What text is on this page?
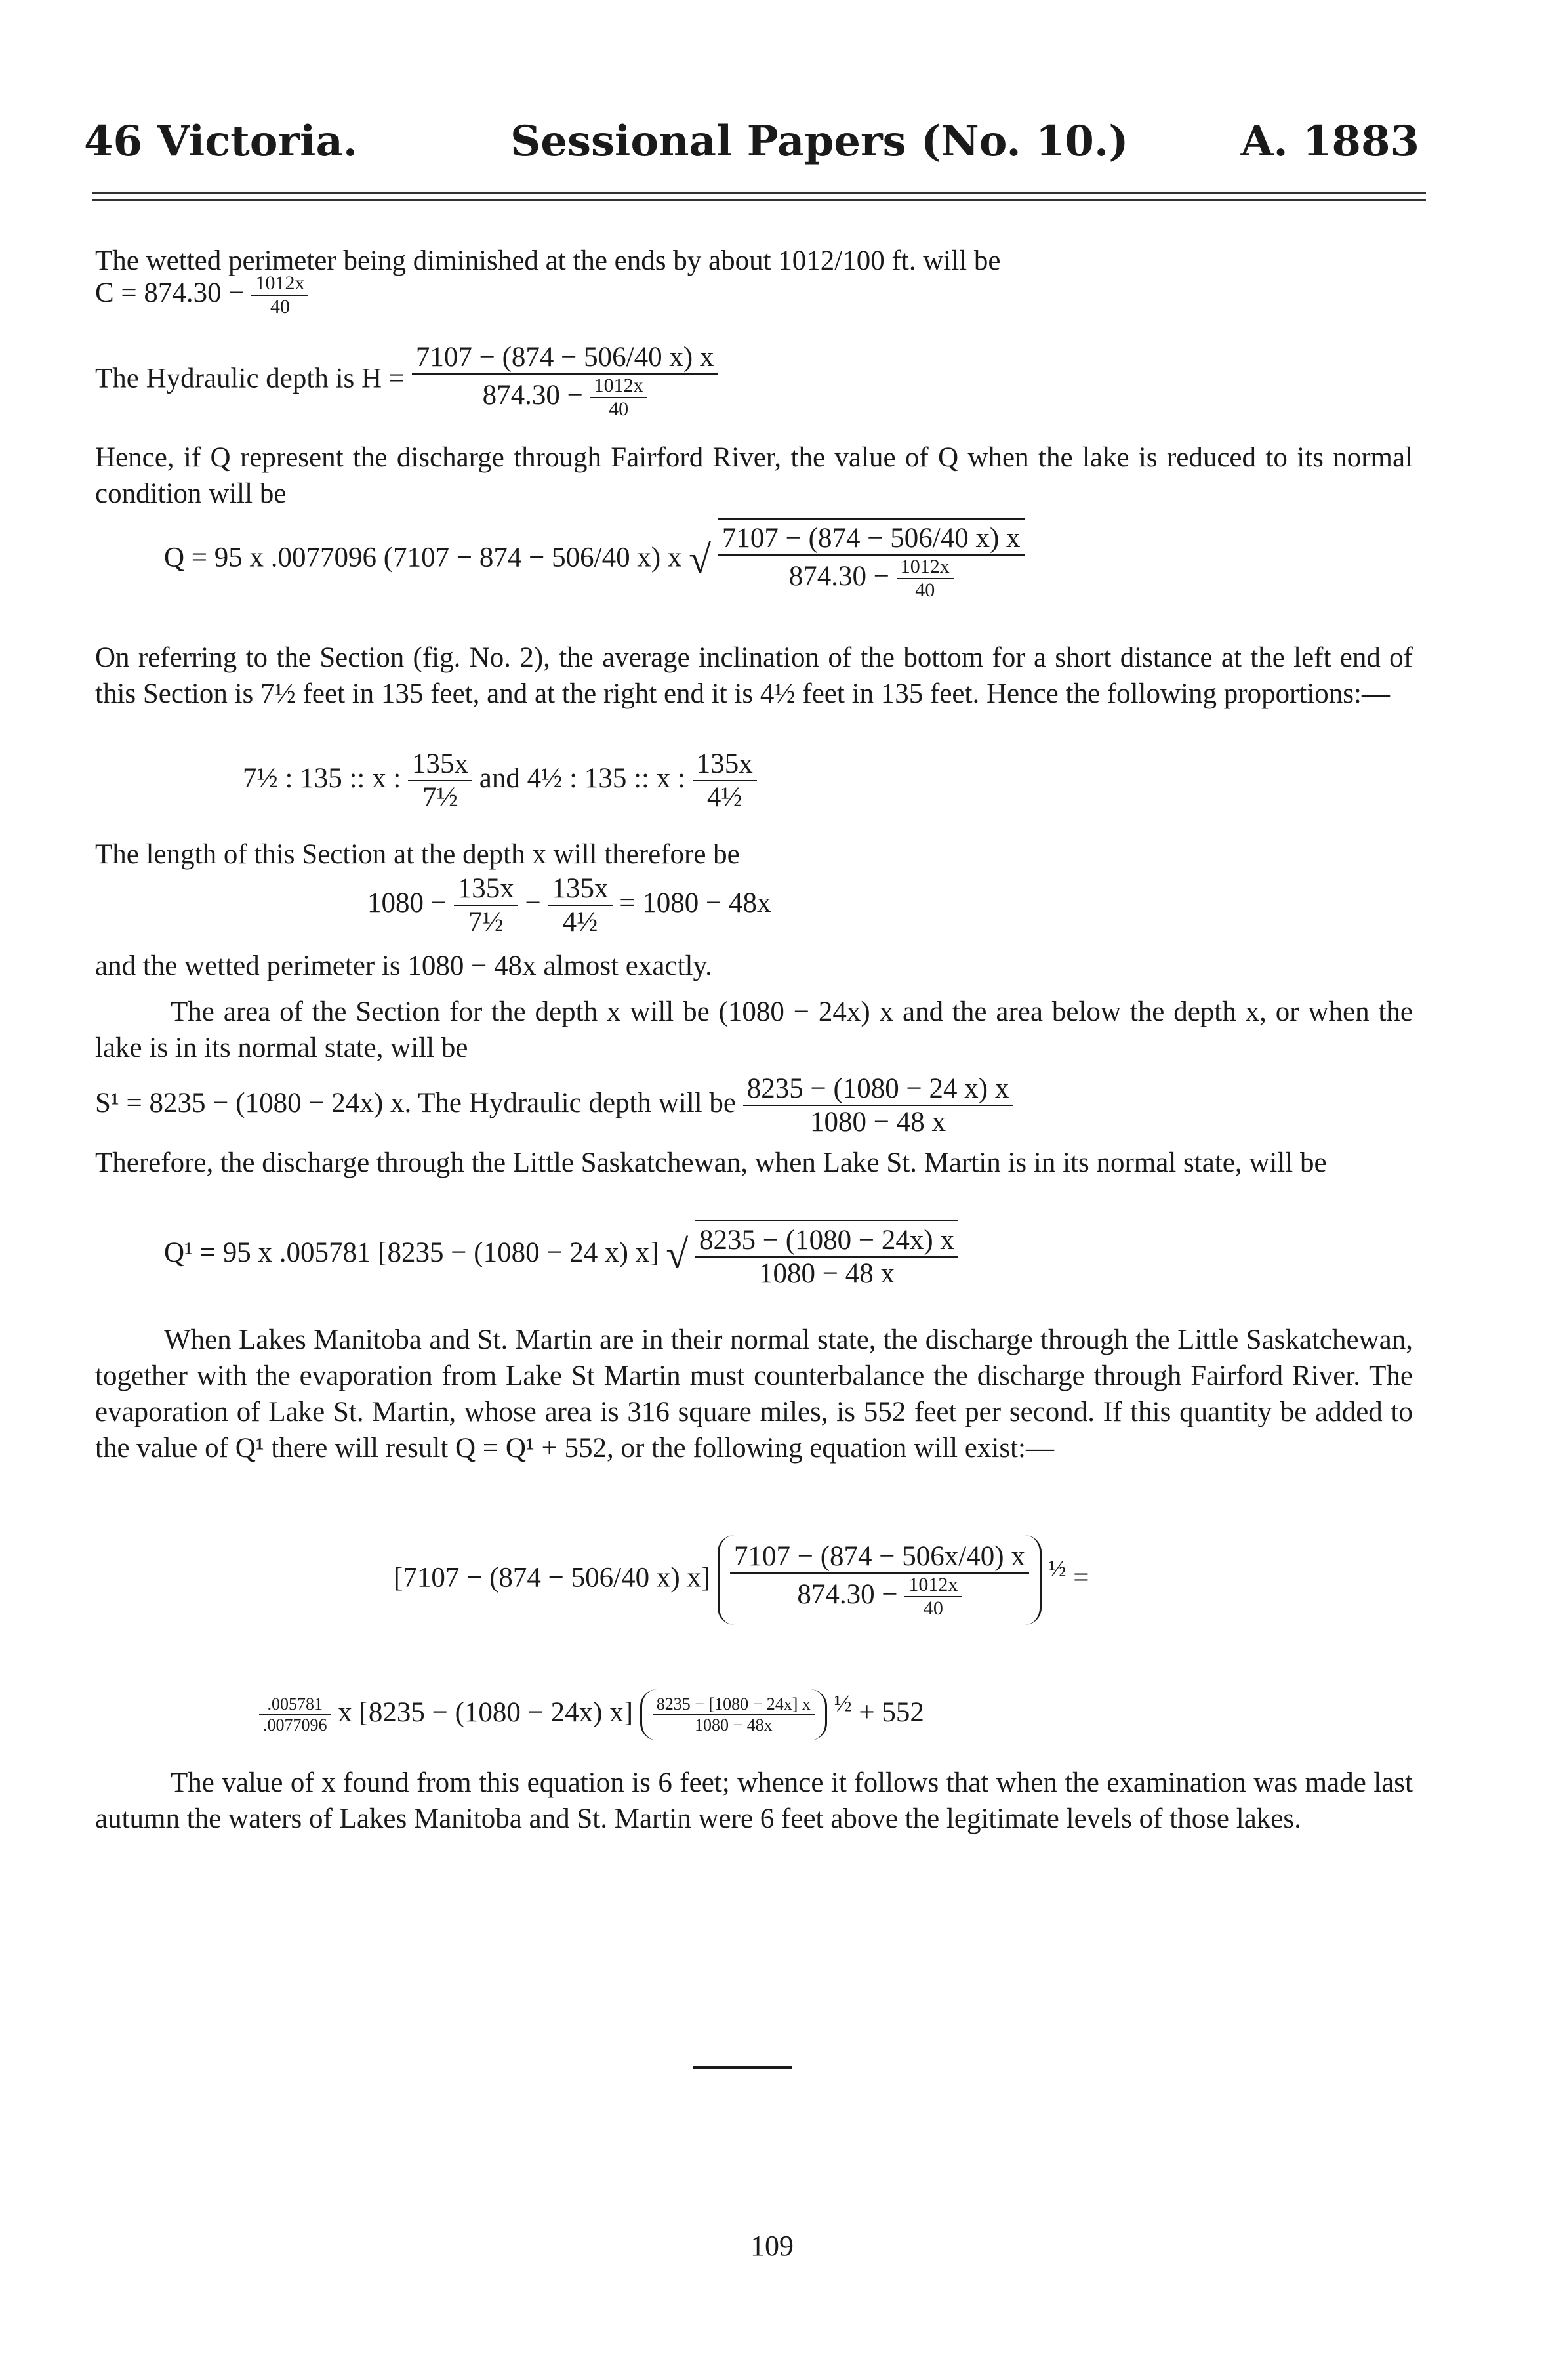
46 Victoria.	Sessional Papers (No. 10.)	A. 1883
The wetted perimeter being diminished at the ends by about 1012/100 ft. will be
$C = 874.30 - \frac{1012x}{40}$
The Hydraulic depth is $H = \frac{7107 - (874 - 506/40 x) x}{874.30 - \frac{1012x}{40}}$
Hence, if Q represent the discharge through Fairford River, the value of Q when the lake is reduced to its normal condition will be
Q = 95 x .0077096 (7107 − 874 − 506/40 x) x √ $\frac{7107 - (874 - 506/40 x) x}{874.30 - \frac{1012x}{40}}$
On referring to the Section (fig. No. 2), the average inclination of the bottom for a short distance at the left end of this Section is 7½ feet in 135 feet, and at the right end it is 4½ feet in 135 feet. Hence the following proportions:—
7½ : 135 :: x : $\frac{135x}{\text{7½}}$ and 4½ : 135 :: x : $\frac{135x}{\text{4½}}$
The length of this Section at the depth x will therefore be
$1080 - \frac{135x}{\text{7½}} - \frac{135x}{\text{4½}} = 1080 - 48x$
and the wetted perimeter is 1080 − 48x almost exactly.
The area of the Section for the depth x will be (1080 − 24x) x and the area below the depth x, or when the lake is in its normal state, will be
S¹ = 8235 − (1080 − 24x) x. The Hydraulic depth will be $\frac{8235 - (1080 - 24 x) x}{1080 - 48 x}$
Therefore, the discharge through the Little Saskatchewan, when Lake St. Martin is in its normal state, will be
Q¹ = 95 x .005781 [8235 − (1080 − 24 x) x] √ $\frac{8235 - (1080 - 24x) x}{1080 - 48 x}$
When Lakes Manitoba and St. Martin are in their normal state, the discharge through the Little Saskatchewan, together with the evaporation from Lake St Martin must counterbalance the discharge through Fairford River. The evaporation of Lake St. Martin, whose area is 316 square miles, is 552 feet per second. If this quantity be added to the value of Q¹ there will result Q = Q¹ + 552, or the following equation will exist:—
[7107 − (874 − 506/40 x) $x] \frac{7107 - (874 - 506x/40) x}{874.30 - \frac{1012x}{40}} ^{\frac{1}{2}}$ =
$\frac{.005781}{.0077096}$ x [8235 − (1080 − 24x) $x] \frac{8235 - [1080 - 24x] x}{1080 - 48x} ^{\frac{1}{2}} + 552$
The value of x found from this equation is 6 feet; whence it follows that when the examination was made last autumn the waters of Lakes Manitoba and St. Martin were 6 feet above the legitimate levels of those lakes.
109
